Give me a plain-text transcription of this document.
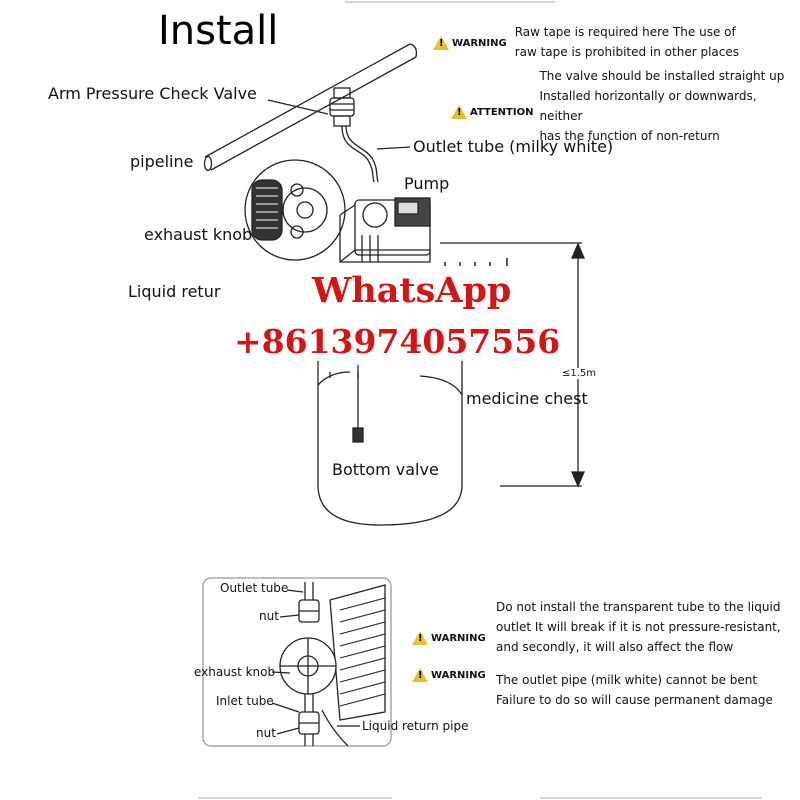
Install
Arm Pressure Check Valve
pipeline
Outlet tube (milky white)
Pump
exhaust knob
Liquid retur
medicine chest
Bottom valve
≤1.5m
!
WARNING
Raw tape is required here The use of
raw tape is prohibited in other places
!
ATTENTION
The valve should be installed straight up
Installed horizontally or downwards, neither
has the function of non-return
Outlet tube
nut
exhaust knob
Inlet tube
nut	Liquid return pipe
!
WARNING
Do not install the transparent tube to the liquid
outlet It will break if it is not pressure-resistant,
and secondly, it will also affect the flow
!
WARNING The outlet pipe (milk white) cannot be bent
Failure to do so will cause permanent damage
WhatsApp
+8613974057556
